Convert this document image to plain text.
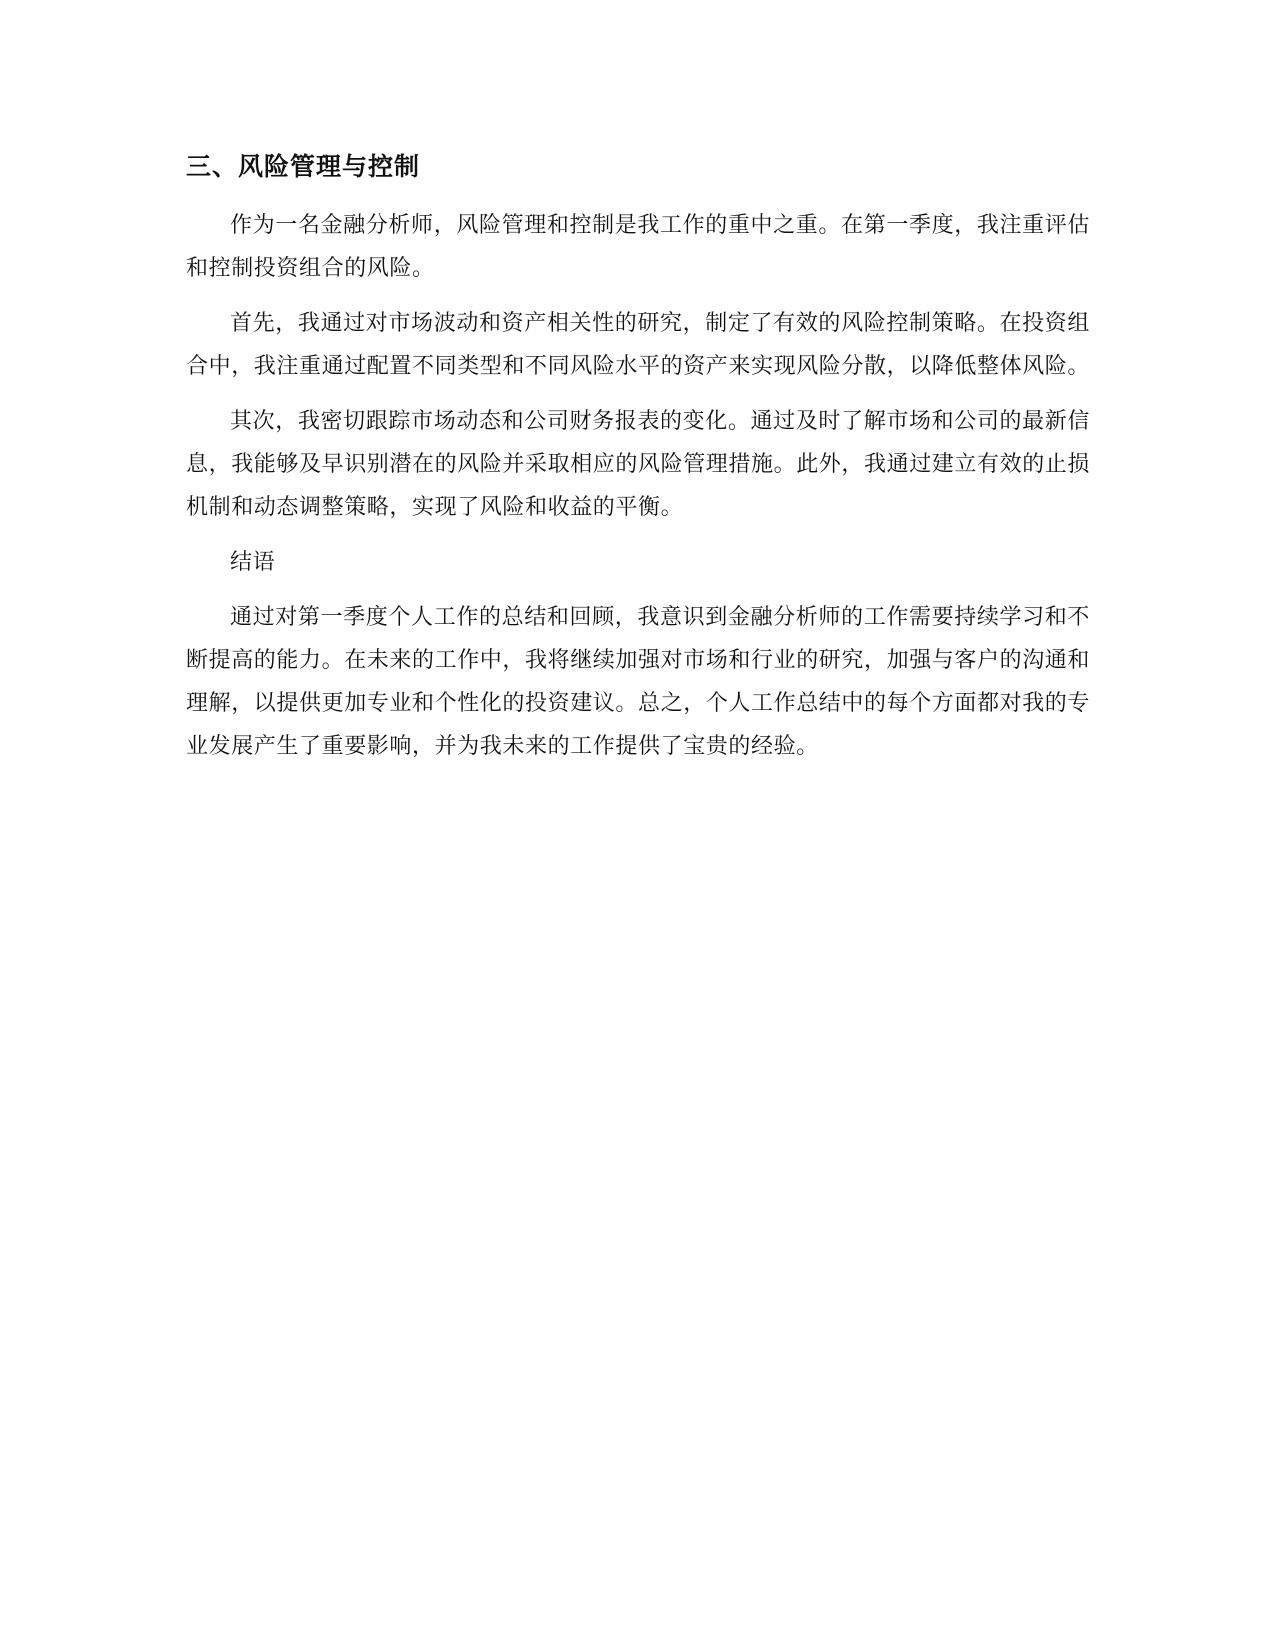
三、风险管理与控制

作为一名金融分析师，风险管理和控制是我工作的重中之重。在第一季度，我注重评估和控制投资组合的风险。

首先，我通过对市场波动和资产相关性的研究，制定了有效的风险控制策略。在投资组合中，我注重通过配置不同类型和不同风险水平的资产来实现风险分散，以降低整体风险。

其次，我密切跟踪市场动态和公司财务报表的变化。通过及时了解市场和公司的最新信息，我能够及早识别潜在的风险并采取相应的风险管理措施。此外，我通过建立有效的止损机制和动态调整策略，实现了风险和收益的平衡。

结语

通过对第一季度个人工作的总结和回顾，我意识到金融分析师的工作需要持续学习和不断提高的能力。在未来的工作中，我将继续加强对市场和行业的研究，加强与客户的沟通和理解，以提供更加专业和个性化的投资建议。总之，个人工作总结中的每个方面都对我的专业发展产生了重要影响，并为我未来的工作提供了宝贵的经验。
